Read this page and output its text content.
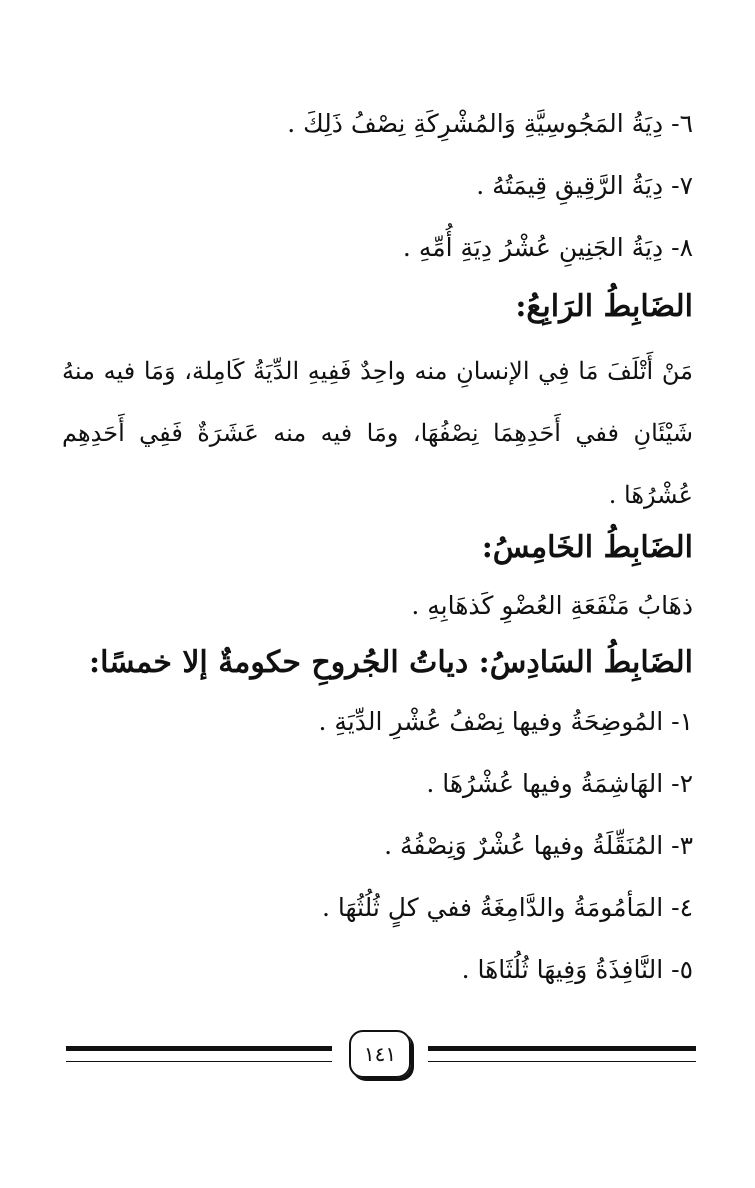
٦- دِيَةُ المَجُوسِيَّةِ وَالمُشْرِكَةِ نِصْفُ ذَلِكَ .
٧- دِيَةُ الرَّقِيقِ قِيمَتُهُ .
٨- دِيَةُ الجَنِينِ عُشْرُ دِيَةِ أُمِّهِ .
الضَابِطُ الرَابِعُ:
مَنْ أَتْلَفَ مَا فِي الإنسانِ منه واحِدٌ فَفِيهِ الدِّيَةُ كَامِلة، وَمَا فيه منهُ شَيْئَانِ ففي أَحَدِهِمَا نِصْفُهَا، ومَا فيه منه عَشَرَةٌ فَفِي أَحَدِهِم عُشْرُهَا .
الضَابِطُ الخَامِسُ:
ذهَابُ مَنْفَعَةِ العُضْوِ كَذهَابِهِ .
الضَابِطُ السَادِسُ: دياتُ الجُروحِ حكومةٌ إلا خمسًا:
١- المُوضِحَةُ وفيها نِصْفُ عُشْرِ الدِّيَةِ .
٢- الهَاشِمَةُ وفيها عُشْرُهَا .
٣- المُنَقِّلَةُ وفيها عُشْرٌ وَنِصْفُهُ .
٤- المَأمُومَةُ والدَّامِغَةُ ففي كلٍ ثُلُثُهَا .
٥- النَّافِذَةُ وَفِيهَا ثُلُثَاهَا .
١٤١
